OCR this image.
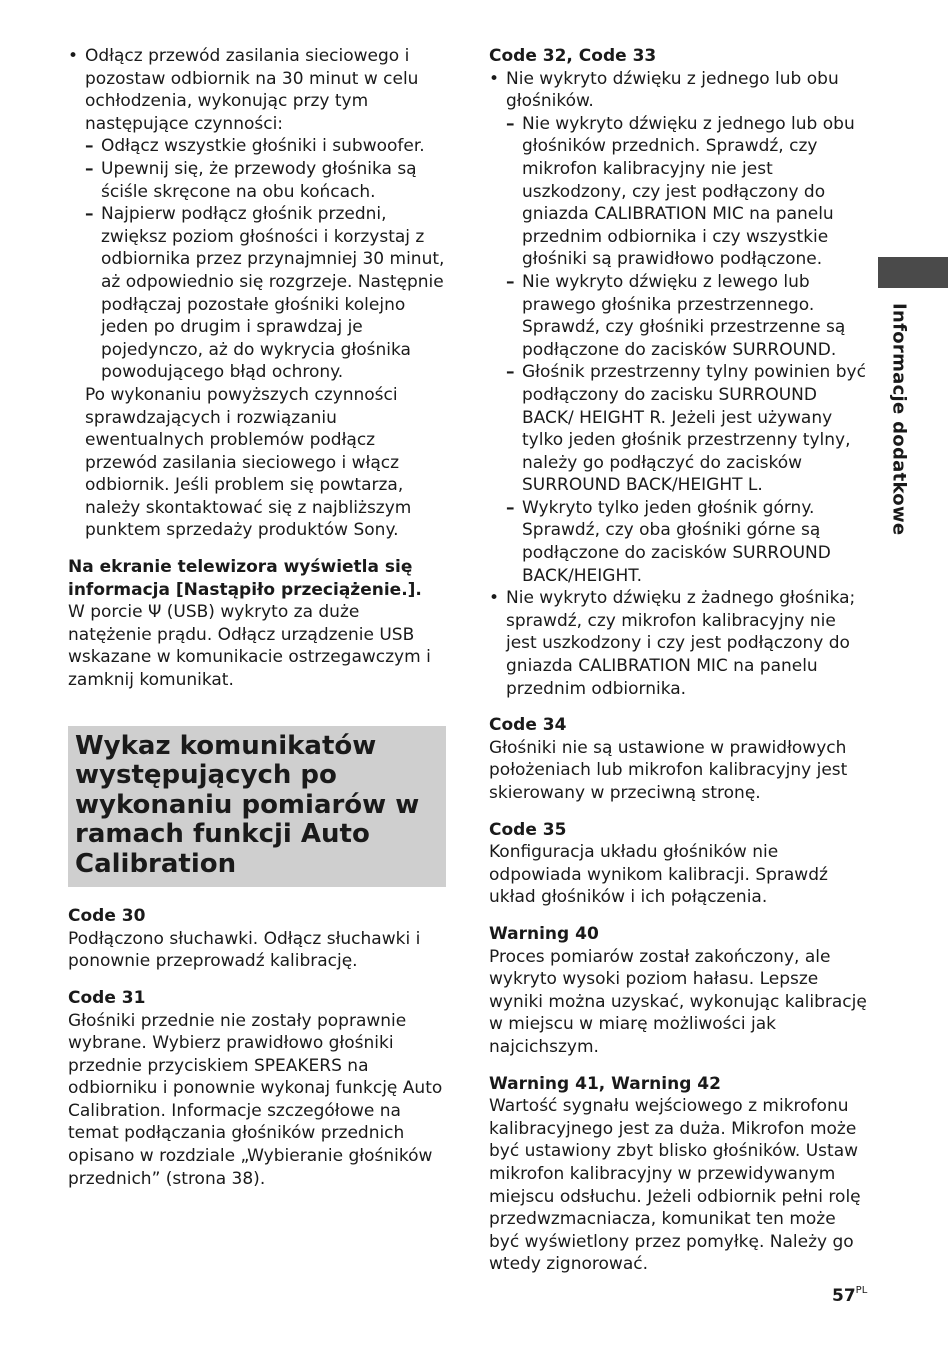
• Odłącz przewód zasilania sieciowego i pozostaw odbiornik na 30 minut w celu ochłodzenia, wykonując przy tym następujące czynności:

– Odłącz wszystkie głośniki i subwoofer.

– Upewnij się, że przewody głośnika są ściśle skręcone na obu końcach.

– Najpierw podłącz głośnik przedni, zwiększ poziom głośności i korzystaj z odbiornika przez przynajmniej 30 minut, aż odpowiednio się rozgrzeje. Następnie podłączaj pozostałe głośniki kolejno jeden po drugim i sprawdzaj je pojedynczo, aż do wykrycia głośnika powodującego błąd ochrony.

Po wykonaniu powyższych czynności sprawdzających i rozwiązaniu ewentualnych problemów podłącz przewód zasilania sieciowego i włącz odbiornik. Jeśli problem się powtarza, należy skontaktować się z najbliższym punktem sprzedaży produktów Sony.

Na ekranie telewizora wyświetla się informacja [Nastąpiło przeciążenie.].

W porcie Ψ (USB) wykryto za duże natężenie prądu. Odłącz urządzenie USB wskazane w komunikacie ostrzegawczym i zamknij komunikat.

Wykaz komunikatów występujących po wykonaniu pomiarów w ramach funkcji Auto Calibration

Code 30

Podłączono słuchawki. Odłącz słuchawki i ponownie przeprowadź kalibrację.

Code 31

Głośniki przednie nie zostały poprawnie wybrane. Wybierz prawidłowo głośniki przednie przyciskiem SPEAKERS na odbiorniku i ponownie wykonaj funkcję Auto Calibration. Informacje szczegółowe na temat podłączania głośników przednich opisano w rozdziale „Wybieranie głośników przednich” (strona 38).

Code 32, Code 33

• Nie wykryto dźwięku z jednego lub obu głośników.

– Nie wykryto dźwięku z jednego lub obu głośników przednich. Sprawdź, czy mikrofon kalibracyjny nie jest uszkodzony, czy jest podłączony do gniazda CALIBRATION MIC na panelu przednim odbiornika i czy wszystkie głośniki są prawidłowo podłączone.

– Nie wykryto dźwięku z lewego lub prawego głośnika przestrzennego. Sprawdź, czy głośniki przestrzenne są podłączone do zacisków SURROUND.

– Głośnik przestrzenny tylny powinien być podłączony do zacisku SURROUND BACK/ HEIGHT R. Jeżeli jest używany tylko jeden głośnik przestrzenny tylny, należy go podłączyć do zacisków SURROUND BACK/HEIGHT L.

– Wykryto tylko jeden głośnik górny. Sprawdź, czy oba głośniki górne są podłączone do zacisków SURROUND BACK/HEIGHT.

• Nie wykryto dźwięku z żadnego głośnika; sprawdź, czy mikrofon kalibracyjny nie jest uszkodzony i czy jest podłączony do gniazda CALIBRATION MIC na panelu przednim odbiornika.

Code 34

Głośniki nie są ustawione w prawidłowych położeniach lub mikrofon kalibracyjny jest skierowany w przeciwną stronę.

Code 35

Konfiguracja układu głośników nie odpowiada wynikom kalibracji. Sprawdź układ głośników i ich połączenia.

Warning 40

Proces pomiarów został zakończony, ale wykryto wysoki poziom hałasu. Lepsze wyniki można uzyskać, wykonując kalibrację w miejscu w miarę możliwości jak najcichszym.

Warning 41, Warning 42

Wartość sygnału wejściowego z mikrofonu kalibracyjnego jest za duża. Mikrofon może być ustawiony zbyt blisko głośników. Ustaw mikrofon kalibracyjny w przewidywanym miejscu odsłuchu. Jeżeli odbiornik pełni rolę przedwzmacniacza, komunikat ten może być wyświetlony przez pomyłkę. Należy go wtedy zignorować.

Informacje dodatkowe
$57^{PL}$
